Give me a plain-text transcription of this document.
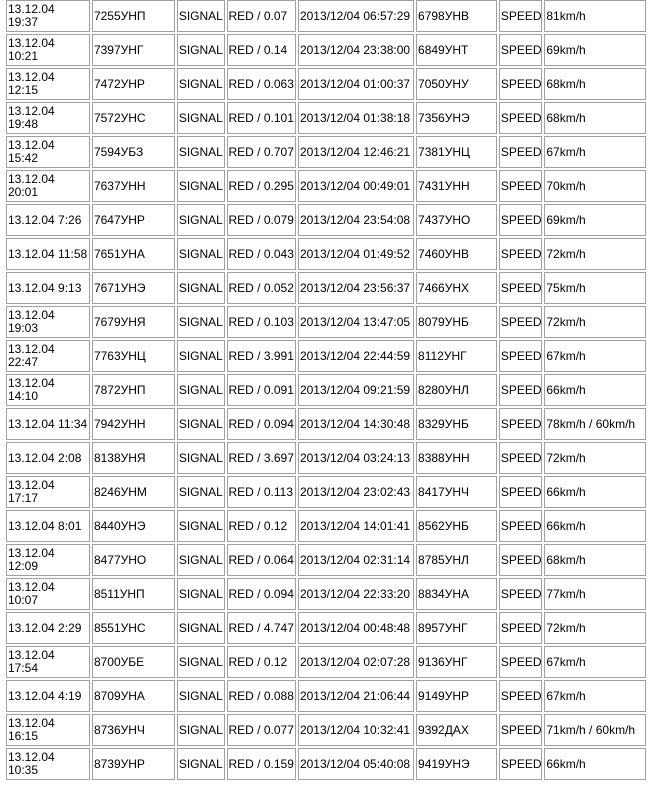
13.12.04 19:37	7255УНП	SIGNAL	RED / 0.07	2013/12/04 06:57:29	6798УНВ	SPEED	81km/h
13.12.04 10:21	7397УНГ	SIGNAL	RED / 0.14	2013/12/04 23:38:00	6849УНТ	SPEED	69km/h
13.12.04 12:15	7472УНР	SIGNAL	RED / 0.063	2013/12/04 01:00:37	7050УНУ	SPEED	68km/h
13.12.04 19:48	7572УНС	SIGNAL	RED / 0.101	2013/12/04 01:38:18	7356УНЭ	SPEED	68km/h
13.12.04 15:42	7594УБЗ	SIGNAL	RED / 0.707	2013/12/04 12:46:21	7381УНЦ	SPEED	67km/h
13.12.04 20:01	7637УНН	SIGNAL	RED / 0.295	2013/12/04 00:49:01	7431УНН	SPEED	70km/h
13.12.04 7:26	7647УНР	SIGNAL	RED / 0.079	2013/12/04 23:54:08	7437УНО	SPEED	69km/h
13.12.04 11:58	7651УНА	SIGNAL	RED / 0.043	2013/12/04 01:49:52	7460УНВ	SPEED	72km/h
13.12.04 9:13	7671УНЭ	SIGNAL	RED / 0.052	2013/12/04 23:56:37	7466УНХ	SPEED	75km/h
13.12.04 19:03	7679УНЯ	SIGNAL	RED / 0.103	2013/12/04 13:47:05	8079УНБ	SPEED	72km/h
13.12.04 22:47	7763УНЦ	SIGNAL	RED / 3.991	2013/12/04 22:44:59	8112УНГ	SPEED	67km/h
13.12.04 14:10	7872УНП	SIGNAL	RED / 0.091	2013/12/04 09:21:59	8280УНЛ	SPEED	66km/h
13.12.04 11:34	7942УНН	SIGNAL	RED / 0.094	2013/12/04 14:30:48	8329УНБ	SPEED	78km/h / 60km/h
13.12.04 2:08	8138УНЯ	SIGNAL	RED / 3.697	2013/12/04 03:24:13	8388УНН	SPEED	72km/h
13.12.04 17:17	8246УНМ	SIGNAL	RED / 0.113	2013/12/04 23:02:43	8417УНЧ	SPEED	66km/h
13.12.04 8:01	8440УНЭ	SIGNAL	RED / 0.12	2013/12/04 14:01:41	8562УНБ	SPEED	66km/h
13.12.04 12:09	8477УНО	SIGNAL	RED / 0.064	2013/12/04 02:31:14	8785УНЛ	SPEED	68km/h
13.12.04 10:07	8511УНП	SIGNAL	RED / 0.094	2013/12/04 22:33:20	8834УНА	SPEED	77km/h
13.12.04 2:29	8551УНС	SIGNAL	RED / 4.747	2013/12/04 00:48:48	8957УНГ	SPEED	72km/h
13.12.04 17:54	8700УБЕ	SIGNAL	RED / 0.12	2013/12/04 02:07:28	9136УНГ	SPEED	67km/h
13.12.04 4:19	8709УНА	SIGNAL	RED / 0.088	2013/12/04 21:06:44	9149УНР	SPEED	67km/h
13.12.04 16:15	8736УНЧ	SIGNAL	RED / 0.077	2013/12/04 10:32:41	9392ДАХ	SPEED	71km/h / 60km/h
13.12.04 10:35	8739УНР	SIGNAL	RED / 0.159	2013/12/04 05:40:08	9419УНЭ	SPEED	66km/h
